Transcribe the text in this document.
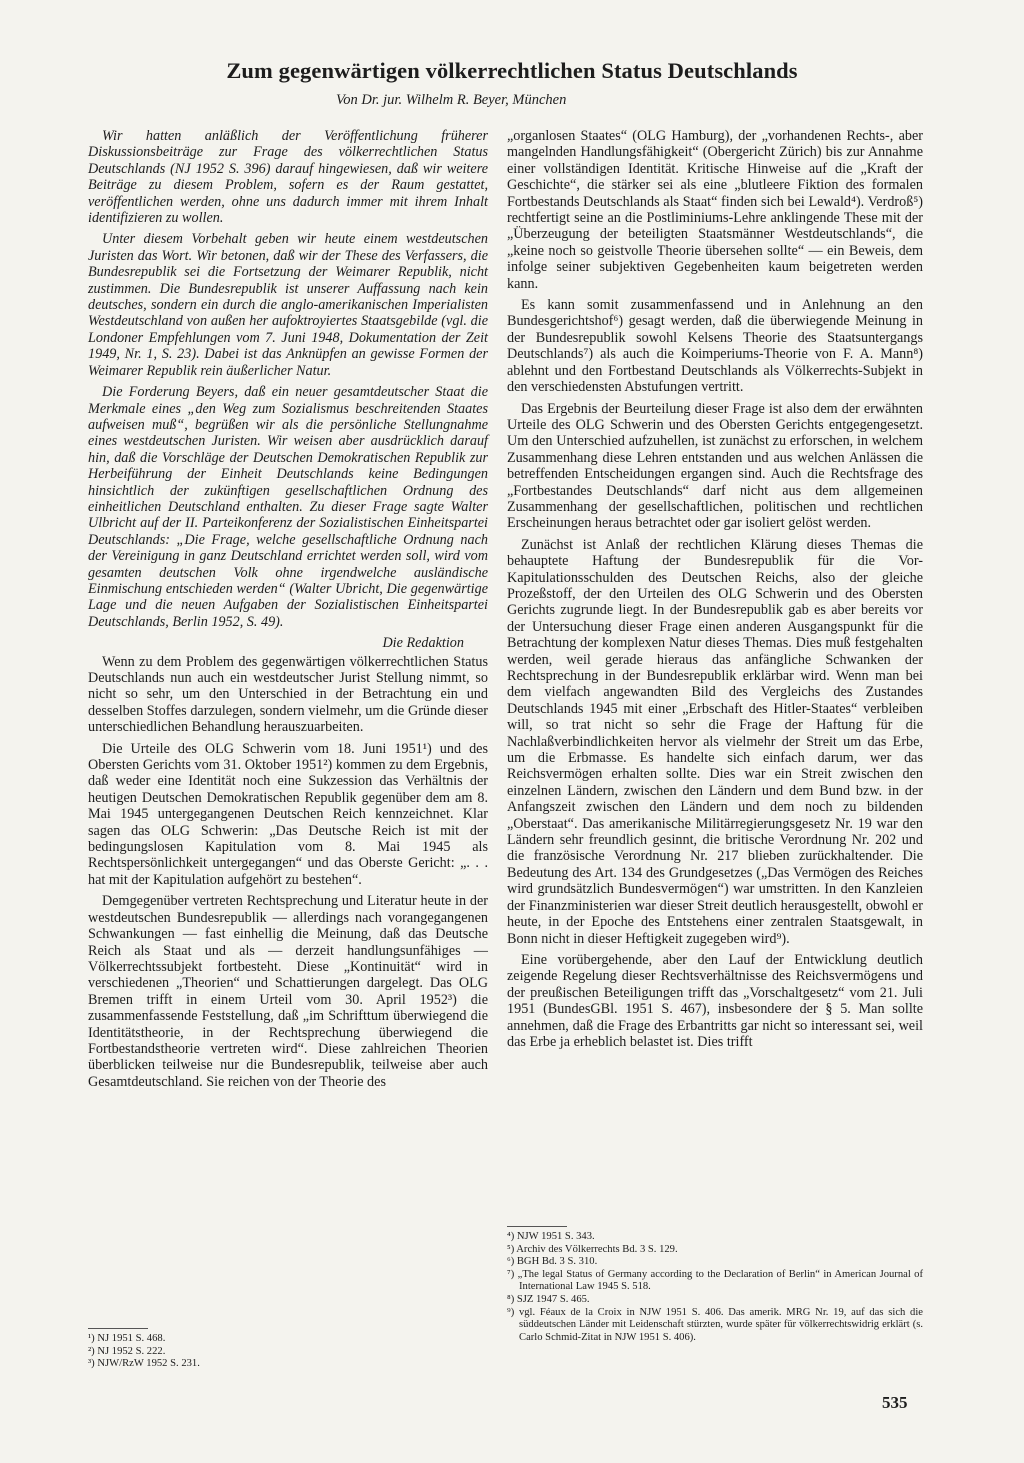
Zum gegenwärtigen völkerrechtlichen Status Deutschlands
Von Dr. jur. Wilhelm R. Beyer, München

Wir hatten anläßlich der Veröffentlichung früherer Diskussionsbeiträge zur Frage des völkerrechtlichen Status Deutschlands (NJ 1952 S. 396) darauf hingewiesen, daß wir weitere Beiträge zu diesem Problem, sofern es der Raum gestattet, veröffentlichen werden, ohne uns dadurch immer mit ihrem Inhalt identifizieren zu wollen.

Unter diesem Vorbehalt geben wir heute einem westdeutschen Juristen das Wort. Wir betonen, daß wir der These des Verfassers, die Bundesrepublik sei die Fortsetzung der Weimarer Republik, nicht zustimmen. Die Bundesrepublik ist unserer Auffassung nach kein deutsches, sondern ein durch die anglo-amerikanischen Imperialisten Westdeutschland von außen her aufoktroyiertes Staatsgebilde (vgl. die Londoner Empfehlungen vom 7. Juni 1948, Dokumentation der Zeit 1949, Nr. 1, S. 23). Dabei ist das Anknüpfen an gewisse Formen der Weimarer Republik rein äußerlicher Natur.

Die Forderung Beyers, daß ein neuer gesamtdeutscher Staat die Merkmale eines „den Weg zum Sozialismus beschreitenden Staates aufweisen muß“, begrüßen wir als die persönliche Stellungnahme eines westdeutschen Juristen. Wir weisen aber ausdrücklich darauf hin, daß die Vorschläge der Deutschen Demokratischen Republik zur Herbeiführung der Einheit Deutschlands keine Bedingungen hinsichtlich der zukünftigen gesellschaftlichen Ordnung des einheitlichen Deutschland enthalten. Zu dieser Frage sagte Walter Ulbricht auf der II. Parteikonferenz der Sozialistischen Einheitspartei Deutschlands: „Die Frage, welche gesellschaftliche Ordnung nach der Vereinigung in ganz Deutschland errichtet werden soll, wird vom gesamten deutschen Volk ohne irgendwelche ausländische Einmischung entschieden werden“ (Walter Ubricht, Die gegenwärtige Lage und die neuen Aufgaben der Sozialistischen Einheitspartei Deutschlands, Berlin 1952, S. 49).

Die Redaktion

Wenn zu dem Problem des gegenwärtigen völkerrechtlichen Status Deutschlands nun auch ein westdeutscher Jurist Stellung nimmt, so nicht so sehr, um den Unterschied in der Betrachtung ein und desselben Stoffes darzulegen, sondern vielmehr, um die Gründe dieser unterschiedlichen Behandlung herauszuarbeiten.

Die Urteile des OLG Schwerin vom 18. Juni 1951¹) und des Obersten Gerichts vom 31. Oktober 1951²) kommen zu dem Ergebnis, daß weder eine Identität noch eine Sukzession das Verhältnis der heutigen Deutschen Demokratischen Republik gegenüber dem am 8. Mai 1945 untergegangenen Deutschen Reich kennzeichnet. Klar sagen das OLG Schwerin: „Das Deutsche Reich ist mit der bedingungslosen Kapitulation vom 8. Mai 1945 als Rechtspersönlichkeit untergegangen“ und das Oberste Gericht: „. . . hat mit der Kapitulation aufgehört zu bestehen“.

Demgegenüber vertreten Rechtsprechung und Literatur heute in der westdeutschen Bundesrepublik — allerdings nach vorangegangenen Schwankungen — fast einhellig die Meinung, daß das Deutsche Reich als Staat und als — derzeit handlungsunfähiges — Völkerrechtssubjekt fortbesteht. Diese „Kontinuität“ wird in verschiedenen „Theorien“ und Schattierungen dargelegt. Das OLG Bremen trifft in einem Urteil vom 30. April 1952³) die zusammenfassende Feststellung, daß „im Schrifttum überwiegend die Identitätstheorie, in der Rechtsprechung überwiegend die Fortbestandstheorie vertreten wird“. Diese zahlreichen Theorien überblicken teilweise nur die Bundesrepublik, teilweise aber auch Gesamtdeutschland. Sie reichen von der Theorie des

„organlosen Staates“ (OLG Hamburg), der „vorhandenen Rechts-, aber mangelnden Handlungsfähigkeit“ (Obergericht Zürich) bis zur Annahme einer vollständigen Identität. Kritische Hinweise auf die „Kraft der Geschichte“, die stärker sei als eine „blutleere Fiktion des formalen Fortbestands Deutschlands als Staat“ finden sich bei Lewald⁴). Verdroß⁵) rechtfertigt seine an die Postliminiums-Lehre anklingende These mit der „Überzeugung der beteiligten Staatsmänner Westdeutschlands“, die „keine noch so geistvolle Theorie übersehen sollte“ — ein Beweis, dem infolge seiner subjektiven Gegebenheiten kaum beigetreten werden kann.

Es kann somit zusammenfassend und in Anlehnung an den Bundesgerichtshof⁶) gesagt werden, daß die überwiegende Meinung in der Bundesrepublik sowohl Kelsens Theorie des Staatsuntergangs Deutschlands⁷) als auch die Koimperiums-Theorie von F. A. Mann⁸) ablehnt und den Fortbestand Deutschlands als Völkerrechts-Subjekt in den verschiedensten Abstufungen vertritt.

Das Ergebnis der Beurteilung dieser Frage ist also dem der erwähnten Urteile des OLG Schwerin und des Obersten Gerichts entgegengesetzt. Um den Unterschied aufzuhellen, ist zunächst zu erforschen, in welchem Zusammenhang diese Lehren entstanden und aus welchen Anlässen die betreffenden Entscheidungen ergangen sind. Auch die Rechtsfrage des „Fortbestandes Deutschlands“ darf nicht aus dem allgemeinen Zusammenhang der gesellschaftlichen, politischen und rechtlichen Erscheinungen heraus betrachtet oder gar isoliert gelöst werden.

Zunächst ist Anlaß der rechtlichen Klärung dieses Themas die behauptete Haftung der Bundesrepublik für die Vor-Kapitulationsschulden des Deutschen Reichs, also der gleiche Prozeßstoff, der den Urteilen des OLG Schwerin und des Obersten Gerichts zugrunde liegt. In der Bundesrepublik gab es aber bereits vor der Untersuchung dieser Frage einen anderen Ausgangspunkt für die Betrachtung der komplexen Natur dieses Themas. Dies muß festgehalten werden, weil gerade hieraus das anfängliche Schwanken der Rechtsprechung in der Bundesrepublik erklärbar wird. Wenn man bei dem vielfach angewandten Bild des Vergleichs des Zustandes Deutschlands 1945 mit einer „Erbschaft des Hitler-Staates“ verbleiben will, so trat nicht so sehr die Frage der Haftung für die Nachlaßverbindlichkeiten hervor als vielmehr der Streit um das Erbe, um die Erbmasse. Es handelte sich einfach darum, wer das Reichsvermögen erhalten sollte. Dies war ein Streit zwischen den einzelnen Ländern, zwischen den Ländern und dem Bund bzw. in der Anfangszeit zwischen den Ländern und dem noch zu bildenden „Oberstaat“. Das amerikanische Militärregierungsgesetz Nr. 19 war den Ländern sehr freundlich gesinnt, die britische Verordnung Nr. 202 und die französische Verordnung Nr. 217 blieben zurückhaltender. Die Bedeutung des Art. 134 des Grundgesetzes („Das Vermögen des Reiches wird grundsätzlich Bundesvermögen“) war umstritten. In den Kanzleien der Finanzministerien war dieser Streit deutlich herausgestellt, obwohl er heute, in der Epoche des Entstehens einer zentralen Staatsgewalt, in Bonn nicht in dieser Heftigkeit zugegeben wird⁹).

Eine vorübergehende, aber den Lauf der Entwicklung deutlich zeigende Regelung dieser Rechtsverhältnisse des Reichsvermögens und der preußischen Beteiligungen trifft das „Vorschaltgesetz“ vom 21. Juli 1951 (BundesGBl. 1951 S. 467), insbesondere der § 5. Man sollte annehmen, daß die Frage des Erbantritts gar nicht so interessant sei, weil das Erbe ja erheblich belastet ist. Dies trifft

¹) NJ 1951 S. 468.
²) NJ 1952 S. 222.
³) NJW/RzW 1952 S. 231.
⁴) NJW 1951 S. 343.
⁵) Archiv des Völkerrechts Bd. 3 S. 129.
⁶) BGH Bd. 3 S. 310.
⁷) „The legal Status of Germany according to the Declaration of Berlin“ in American Journal of International Law 1945 S. 518.
⁸) SJZ 1947 S. 465.
⁹) vgl. Féaux de la Croix in NJW 1951 S. 406. Das amerik. MRG Nr. 19, auf das sich die süddeutschen Länder mit Leidenschaft stürzten, wurde später für völkerrechtswidrig erklärt (s. Carlo Schmid-Zitat in NJW 1951 S. 406).
535
